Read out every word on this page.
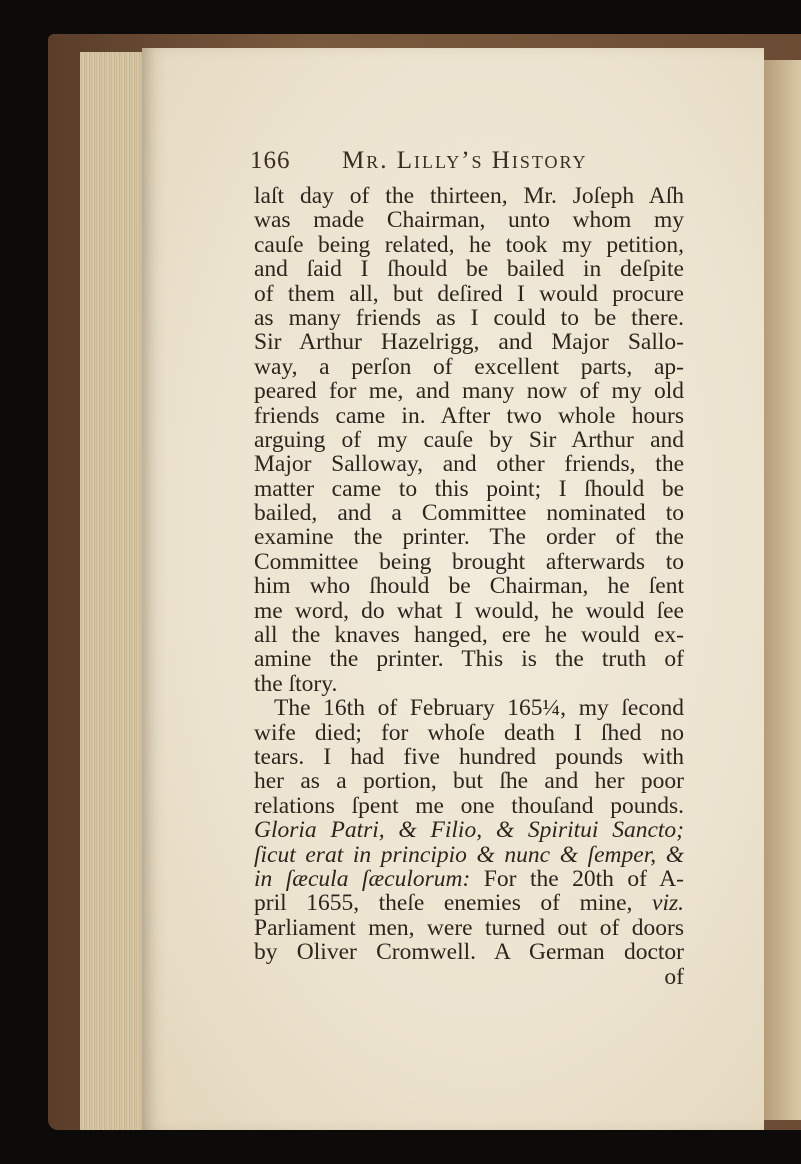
166 Mr. Lilly’s History
laſt day of the thirteen, Mr. Joſeph Aſh
was made Chairman, unto whom my
cauſe being related, he took my petition,
and ſaid I ſhould be bailed in deſpite
of them all, but deſired I would procure
as many friends as I could to be there.
Sir Arthur Hazelrigg, and Major Sallo-
way, a perſon of excellent parts, ap-
peared for me, and many now of my old
friends came in. After two whole hours
arguing of my cauſe by Sir Arthur and
Major Salloway, and other friends, the
matter came to this point; I ſhould be
bailed, and a Committee nominated to
examine the printer. The order of the
Committee being brought afterwards to
him who ſhould be Chairman, he ſent
me word, do what I would, he would ſee
all the knaves hanged, ere he would ex-
amine the printer. This is the truth of
the ſtory.
The 16th of February 165¼, my ſecond
wife died; for whoſe death I ſhed no
tears. I had five hundred pounds with
her as a portion, but ſhe and her poor
relations ſpent me one thouſand pounds.
Gloria Patri, & Filio, & Spiritui Sancto;
ſicut erat in principio & nunc & ſemper, &
in ſæcula ſæculorum: For the 20th of A-
pril 1655, theſe enemies of mine, viz.
Parliament men, were turned out of doors
by Oliver Cromwell. A German doctor
of
